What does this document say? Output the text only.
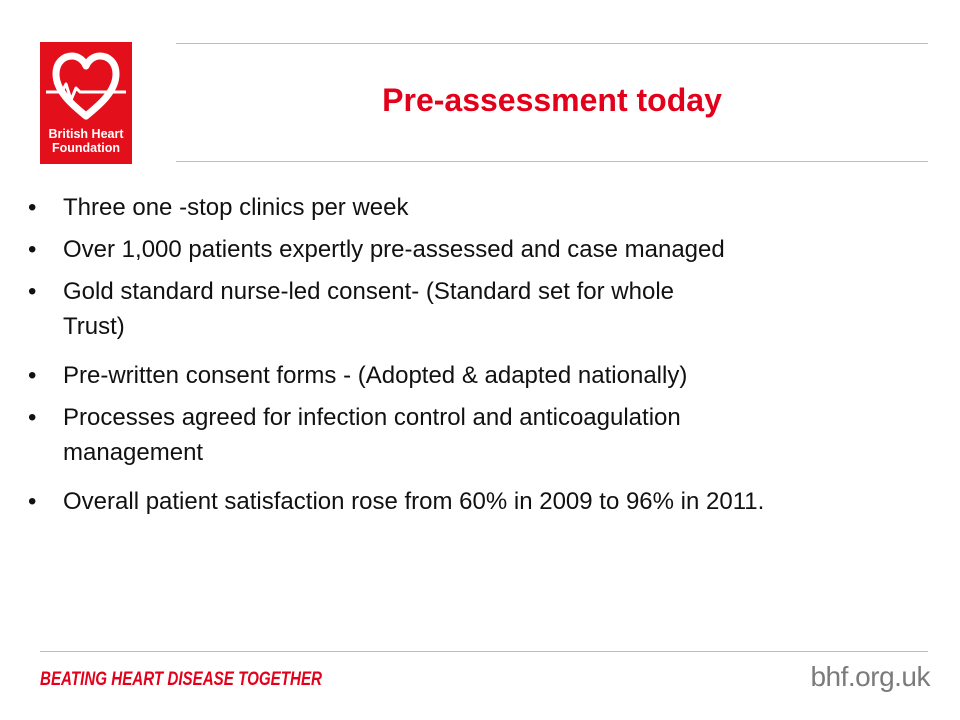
British Heart
Foundation
Pre-assessment today
• Three one -stop clinics per week
• Over 1,000 patients expertly pre-assessed and case managed
• Gold standard nurse-led consent- (Standard set for whole
Trust)
• Pre-written consent forms - (Adopted & adapted nationally)
• Processes agreed for infection control and anticoagulation
management
• Overall patient satisfaction rose from 60% in 2009 to 96% in 2011.
BEATING HEART DISEASE TOGETHER	bhf.org.uk
